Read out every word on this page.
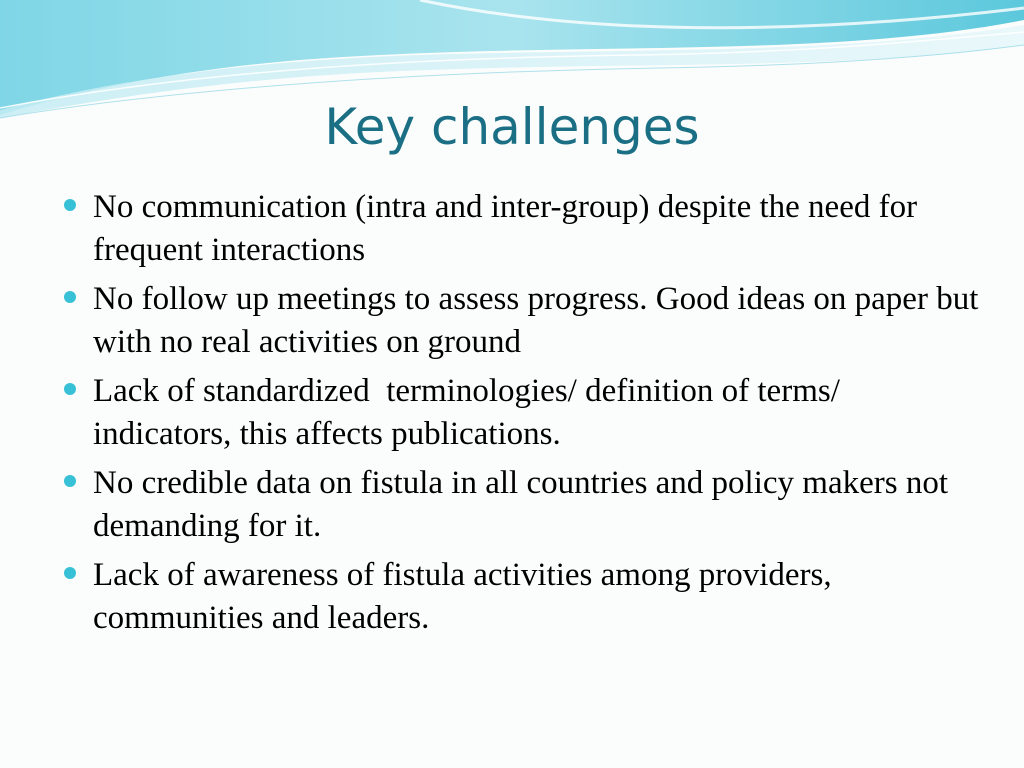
Key challenges
No communication (intra and inter-group) despite the need for frequent interactions
No follow up meetings to assess progress. Good ideas on paper but with no real activities on ground
Lack of standardized  terminologies/ definition of terms/ indicators, this affects publications.
No credible data on fistula in all countries and policy makers not demanding for it.
Lack of awareness of fistula activities among providers, communities and leaders.
